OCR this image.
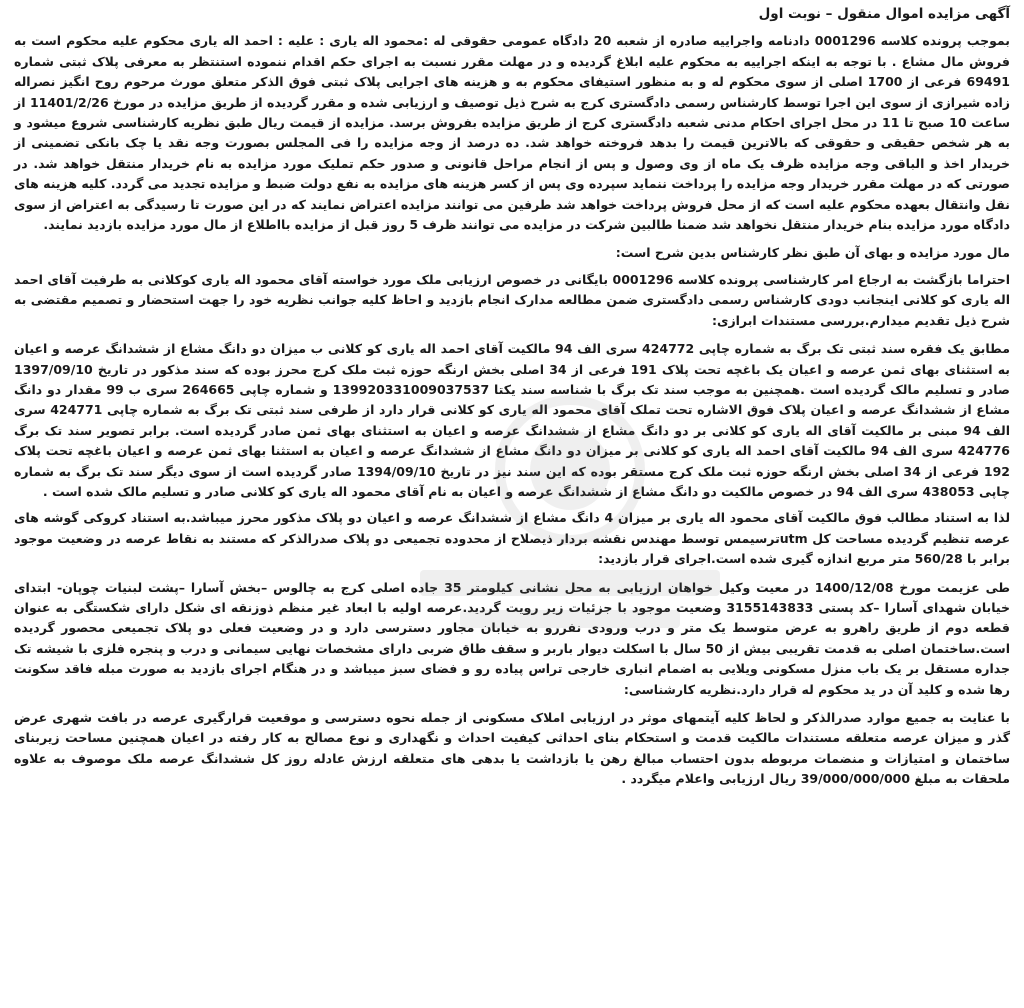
آگهی مزایده اموال منقول – نوبت اول
بموجب پرونده کلاسه 0001296 دادنامه واجراییه صادره از شعبه 20 دادگاه عمومی حقوقی له :محمود اله یاری : علیه : احمد اله یاری محکوم علیه محکوم است به فروش مال مشاع . با توجه به اینکه اجراییه به محکوم علیه ابلاغ گردیده و در مهلت مقرر نسبت به اجرای حکم اقدام ننموده استنتظر به معرفی پلاک ثبتی شماره 69491 فرعی از 1700 اصلی از سوی محکوم له و به منظور استیفای محکوم به و هزینه های اجرایی پلاک ثبتی فوق الذکر متعلق مورث مرحوم روح انگیز نصراله زاده شیرازی از سوی این اجرا توسط کارشناس رسمی دادگستری کرج به شرح ذیل توصیف و ارزیابی شده و مقرر گردیده از طریق مزایده در مورخ 11401/2/26 از ساعت 10 صبح تا 11 در محل اجرای احکام مدنی شعبه دادگستری کرج از طریق مزایده بفروش برسد. مزایده از قیمت ریال طبق نظریه کارشناسی شروع میشود و به هر شخص حقیقی و حقوقی که بالاترین قیمت را بدهد فروخته خواهد شد. ده درصد از وجه مزایده را فی المجلس بصورت وجه نقد یا چک بانکی تضمینی از خریدار اخذ و الباقی وجه مزایده ظرف یک ماه از وی وصول و پس از انجام مراحل قانونی و صدور حکم تملیک مورد مزایده به نام خریدار منتقل خواهد شد. در صورتی که در مهلت مقرر خریدار وجه مزایده را پرداخت ننماید سپرده وی پس از کسر هزینه های مزایده به نفع دولت ضبط و مزایده تجدید می گردد. کلیه هزینه های نقل وانتقال بعهده محکوم علیه است که از محل فروش پرداخت خواهد شد طرفین می توانند مزایده اعتراض نمایند که در این صورت تا رسیدگی به اعتراض از سوی دادگاه مورد مزایده بنام خریدار منتقل نخواهد شد ضمنا طالبین شرکت در مزایده می توانند ظرف 5 روز قبل از مزایده بااطلاع از مال مورد مزایده بازدید نمایند.
مال مورد مزایده و بهای آن طبق نظر کارشناس بدین شرح است:
احتراما بازگشت به ارجاع امر کارشناسی پرونده کلاسه 0001296 بایگانی در خصوص ارزیابی ملک مورد خواسته آقای محمود اله یاری کوکلانی به طرفیت آقای احمد اله یاری کو کلانی اینجانب دودی کارشناس رسمی دادگستری ضمن مطالعه مدارک انجام بازدید و احاظ کلیه جوانب نظریه خود را جهت استحضار و تصمیم مقتضی به شرح ذیل تقدیم میدارم.بررسی مستندات ابرازی:
مطابق یک فقره سند ثبتی تک برگ به شماره چاپی 424772 سری الف 94 مالکیت آقای احمد اله یاری کو کلانی ب میزان دو دانگ مشاع از ششدانگ عرصه و اعیان به استثنای بهای ثمن عرصه و اعیان یک باغچه تحت پلاک 191 فرعی از 34 اصلی بخش ارنگه حوزه ثبت ملک کرج محرز بوده که سند مذکور در تاریخ 1397/09/10 صادر و تسلیم مالک گردیده است .همچنین به موجب سند تک برگ با شناسه سند یکتا 139920331009037537 و شماره چاپی 264665 سری ب 99 مقدار دو دانگ مشاع از ششدانگ عرصه و اعیان پلاک فوق الاشاره تحت تملک آقای محمود اله یاری کو کلانی قرار دارد از طرفی سند ثبتی تک برگ به شماره چاپی 424771 سری الف 94 مبنی بر مالکیت آقای اله یاری کو کلانی بر دو دانگ مشاع از ششدانگ عرصه و اعیان به استثنای بهای ثمن صادر گردیده است. برابر تصویر سند تک برگ 424776 سری الف 94 مالکیت آقای احمد اله یاری کو کلانی بر میزان دو دانگ مشاع از ششدانگ عرصه و اعیان به استثنا بهای ثمن عرصه و اعیان باغچه تحت پلاک 192 فرعی از 34 اصلی بخش ارنگه حوزه ثبت ملک کرج مستقر بوده که این سند نیز در تاریخ 1394/09/10 صادر گردیده است از سوی دیگر سند تک برگ به شماره چاپی 438053 سری الف 94 در خصوص مالکیت دو دانگ مشاع از ششدانگ عرصه و اعیان به نام آقای محمود اله یاری کو کلانی صادر و تسلیم مالک شده است .
لذا به استناد مطالب فوق مالکیت آقای محمود اله یاری بر میزان 4 دانگ مشاع از ششدانگ عرصه و اعیان دو پلاک مذکور محرز میباشد.به استناد کروکی گوشه های عرصه تنظیم گردیده مساحت کل utmترسیمس توسط مهندس نقشه بردار ذیصلاح از محدوده تجمیعی دو پلاک صدرالذکر که مستند به نقاط عرصه در وضعیت موجود برابر با 560/28 متر مربع اندازه گیری شده است.اجرای قرار بازدید:
طی عزیمت مورخ 1400/12/08 در معیت وکیل خواهان ارزیابی به محل نشانی کیلومتر 35 جاده اصلی کرج به چالوس –بخش آسارا –پشت لبنیات چوپان- ابتدای خیابان شهدای آسارا –کد پستی 3155143833 وضعیت موجود با جزئیات زیر رویت گردید.عرصه اولیه با ابعاد غیر منظم ذوزنقه ای شکل دارای شکستگی به عنوان قطعه دوم از طریق راهرو به عرض متوسط یک متر و درب ورودی نفررو به خیابان مجاور دسترسی دارد و در وضعیت فعلی دو پلاک تجمیعی محصور گردیده است.ساختمان اصلی به قدمت تقریبی بیش از 50 سال با اسکلت دیوار باربر و سقف طاق ضربی دارای مشخصات نهایی سیمانی و درب و پنجره فلزی با شیشه تک جداره مستقل بر یک باب منزل مسکونی ویلایی به اضمام انباری خارجی تراس پیاده رو و فضای سبز میباشد و در هنگام اجرای بازدید به صورت مبله فاقد سکونت رها شده و کلید آن در ید محکوم له قرار دارد.نظریه کارشناسی:
با عنایت به جمیع موارد صدرالذکر و لحاظ کلیه آیتمهای موثر در ارزیابی املاک مسکونی از جمله نحوه دسترسی و موقعیت قرارگیری عرصه در بافت شهری عرض گذر و میزان عرصه متعلقه مستندات مالکیت قدمت و استحکام بنای احداثی کیفیت احداث و نگهداری و نوع مصالح به کار رفته در اعیان همچنین مساحت زیربنای ساختمان و امتیازات و منضمات مربوطه بدون احتساب مبالغ رهن یا بازداشت یا بدهی های متعلقه ارزش عادله روز کل ششدانگ عرصه ملک موصوف به علاوه ملحقات به مبلغ 39/000/000/000 ریال ارزیابی واعلام میگردد .
